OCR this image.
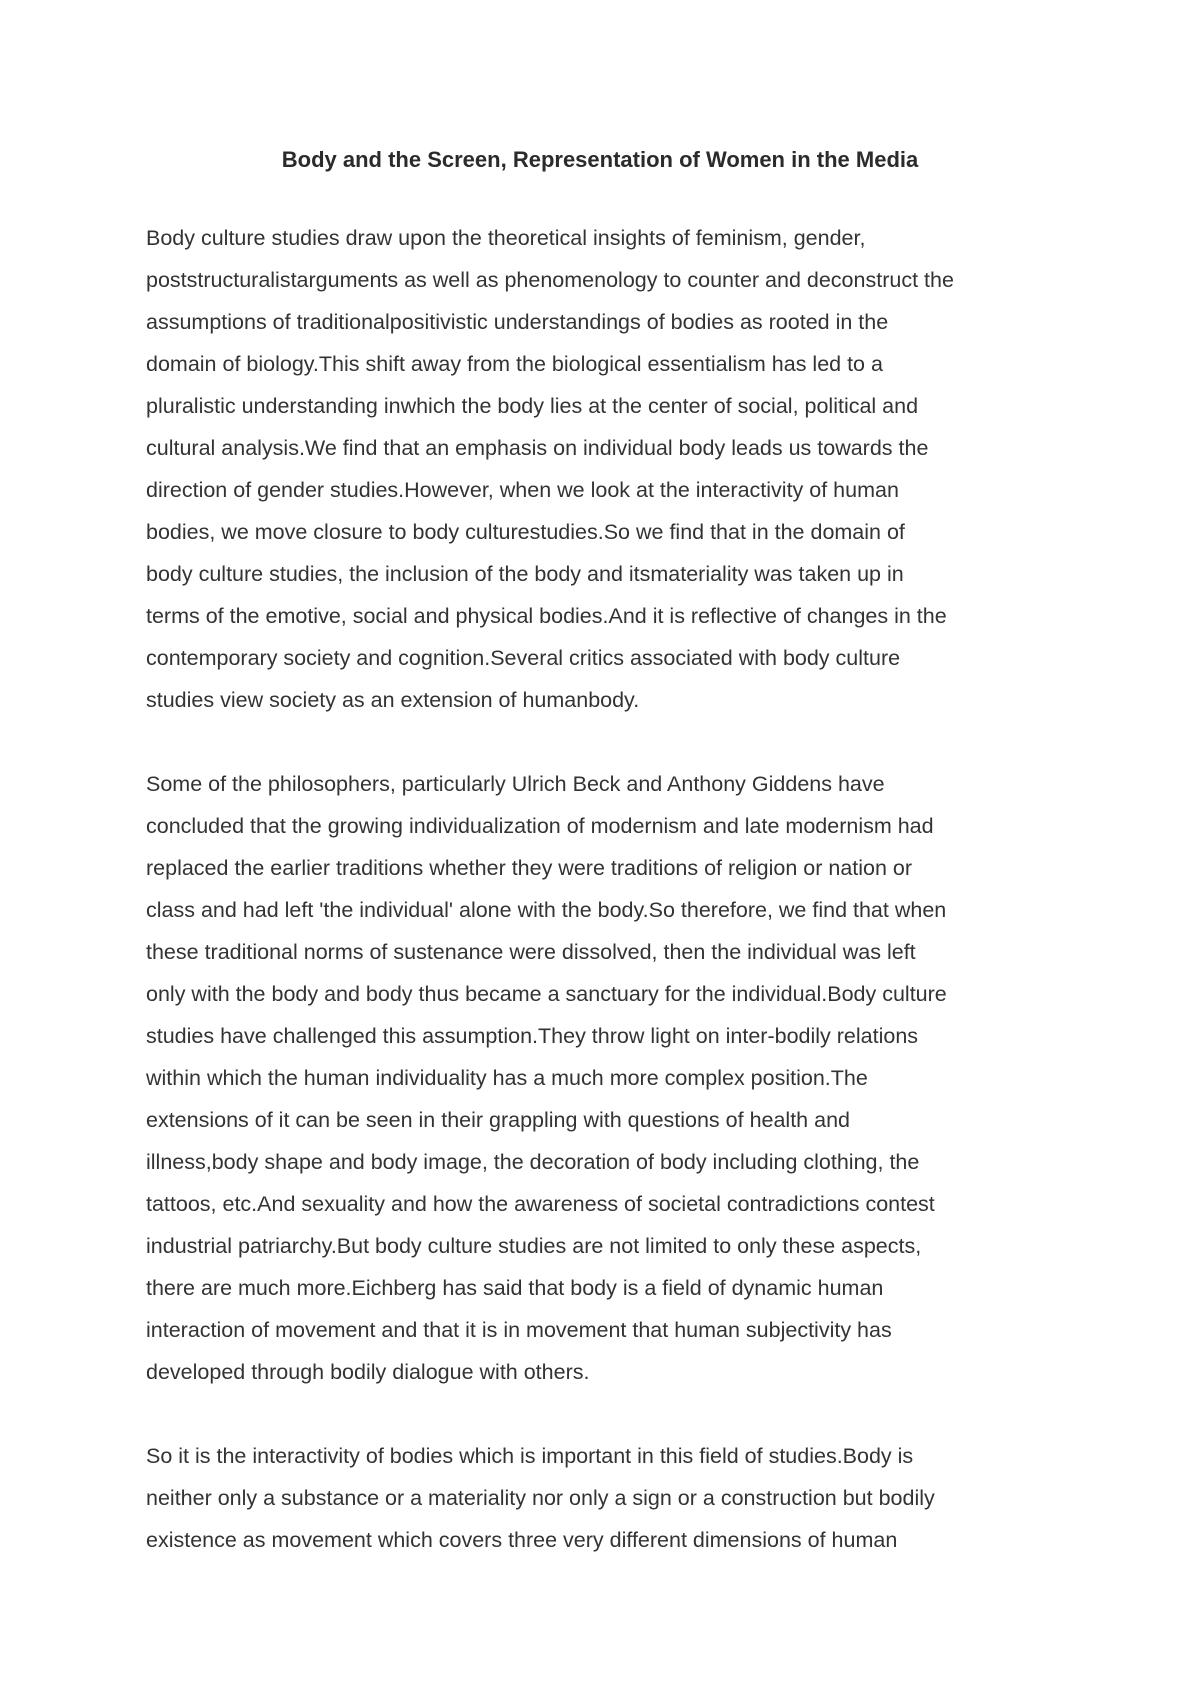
Body and the Screen, Representation of Women in the Media
Body culture studies draw upon the theoretical insights of feminism, gender,
poststructuralistarguments as well as phenomenology to counter and deconstruct the
assumptions of traditionalpositivistic understandings of bodies as rooted in the
domain of biology.This shift away from the biological essentialism has led to a
pluralistic understanding inwhich the body lies at the center of social, political and
cultural analysis.We find that an emphasis on individual body leads us towards the
direction of gender studies.However, when we look at the interactivity of human
bodies, we move closure to body culturestudies.So we find that in the domain of
body culture studies, the inclusion of the body and itsmateriality was taken up in
terms of the emotive, social and physical bodies.And it is reflective of changes in the
contemporary society and cognition.Several critics associated with body culture
studies view society as an extension of humanbody.
Some of the philosophers, particularly Ulrich Beck and Anthony Giddens have
concluded that the growing individualization of modernism and late modernism had
replaced the earlier traditions whether they were traditions of religion or nation or
class and had left 'the individual' alone with the body.So therefore, we find that when
these traditional norms of sustenance were dissolved, then the individual was left
only with the body and body thus became a sanctuary for the individual.Body culture
studies have challenged this assumption.They throw light on inter-bodily relations
within which the human individuality has a much more complex position.The
extensions of it can be seen in their grappling with questions of health and
illness,body shape and body image, the decoration of body including clothing, the
tattoos, etc.And sexuality and how the awareness of societal contradictions contest
industrial patriarchy.But body culture studies are not limited to only these aspects,
there are much more.Eichberg has said that body is a field of dynamic human
interaction of movement and that it is in movement that human subjectivity has
developed through bodily dialogue with others.
So it is the interactivity of bodies which is important in this field of studies.Body is
neither only a substance or a materiality nor only a sign or a construction but bodily
existence as movement which covers three very different dimensions of human
